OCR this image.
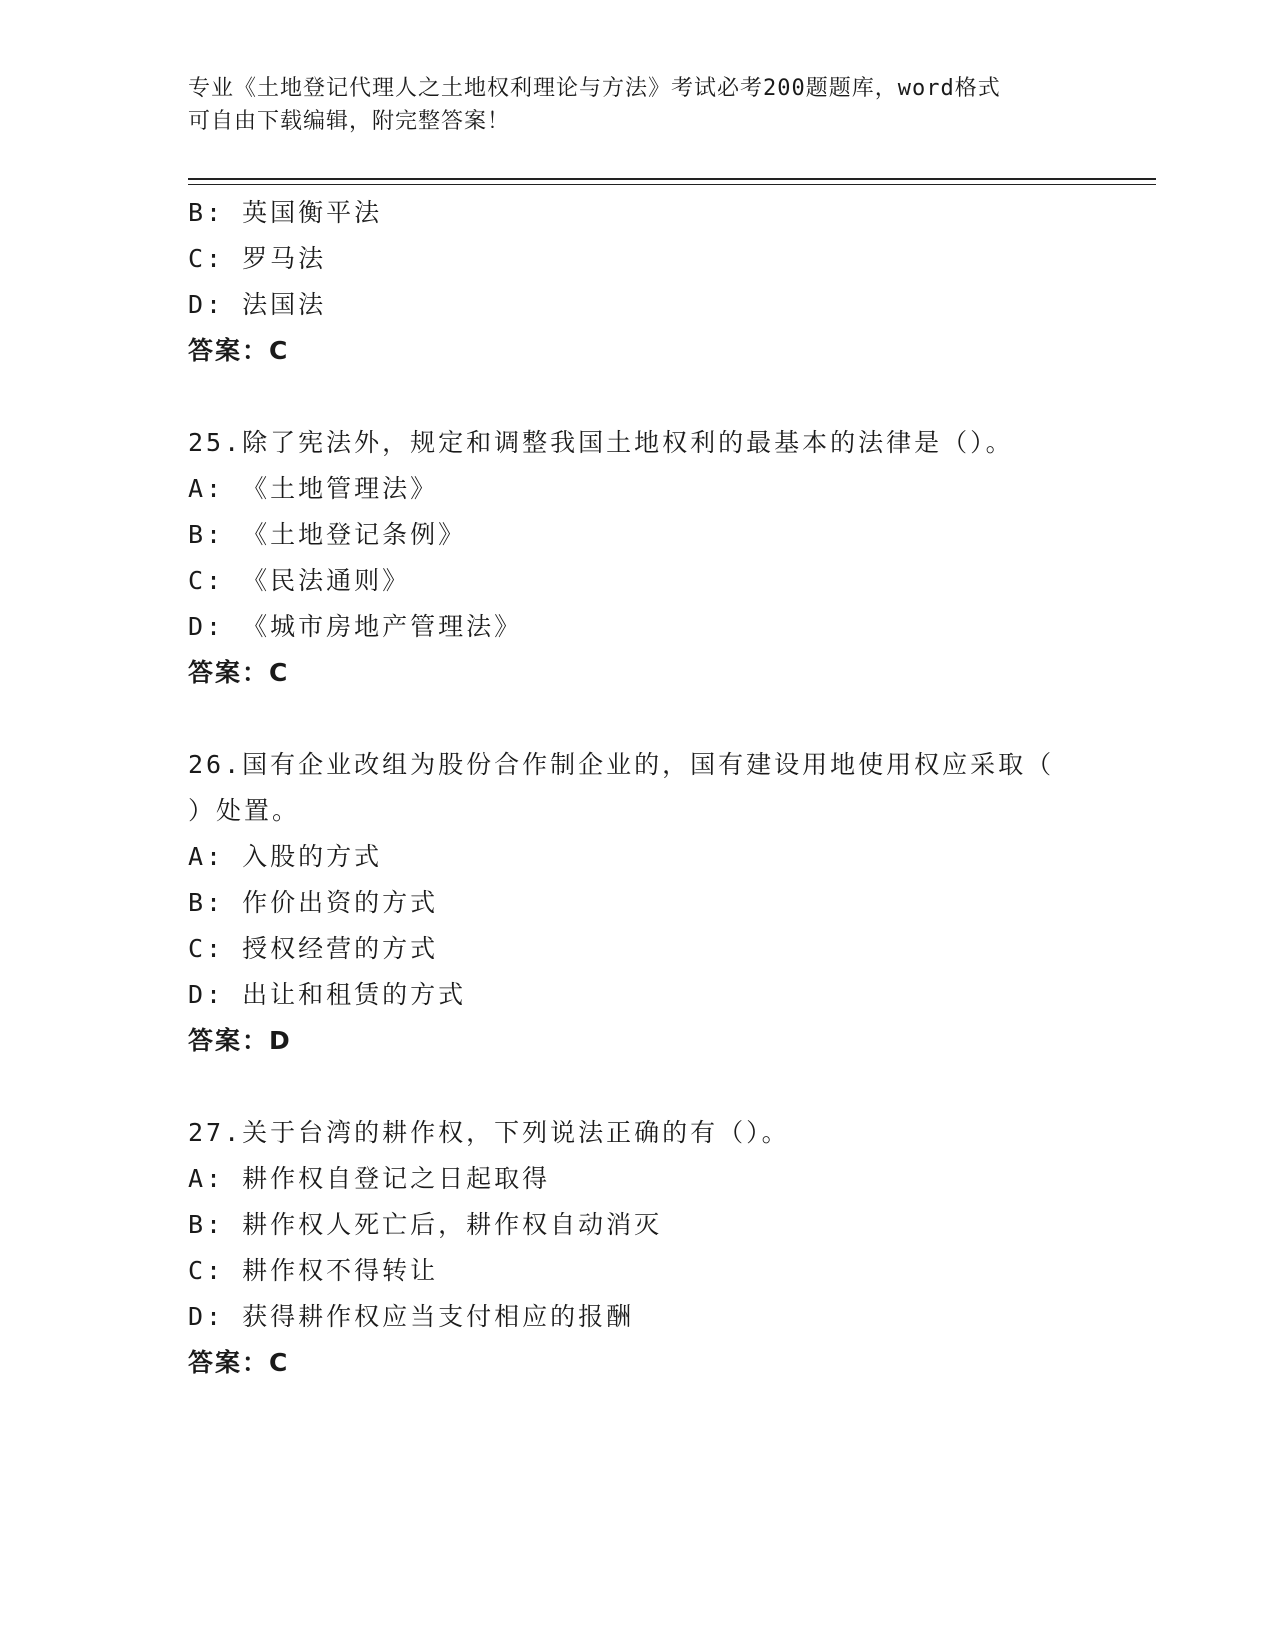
专业《土地登记代理人之土地权利理论与方法》考试必考200题题库，word格式
可自由下载编辑，附完整答案！
B: 英国衡平法
C: 罗马法
D: 法国法
答案：C
25.除了宪法外，规定和调整我国土地权利的最基本的法律是（）。
A: 《土地管理法》
B: 《土地登记条例》
C: 《民法通则》
D: 《城市房地产管理法》
答案：C
26.国有企业改组为股份合作制企业的，国有建设用地使用权应采取（
）处置。
A: 入股的方式
B: 作价出资的方式
C: 授权经营的方式
D: 出让和租赁的方式
答案：D
27.关于台湾的耕作权，下列说法正确的有（）。
A: 耕作权自登记之日起取得
B: 耕作权人死亡后，耕作权自动消灭
C: 耕作权不得转让
D: 获得耕作权应当支付相应的报酬
答案：C
